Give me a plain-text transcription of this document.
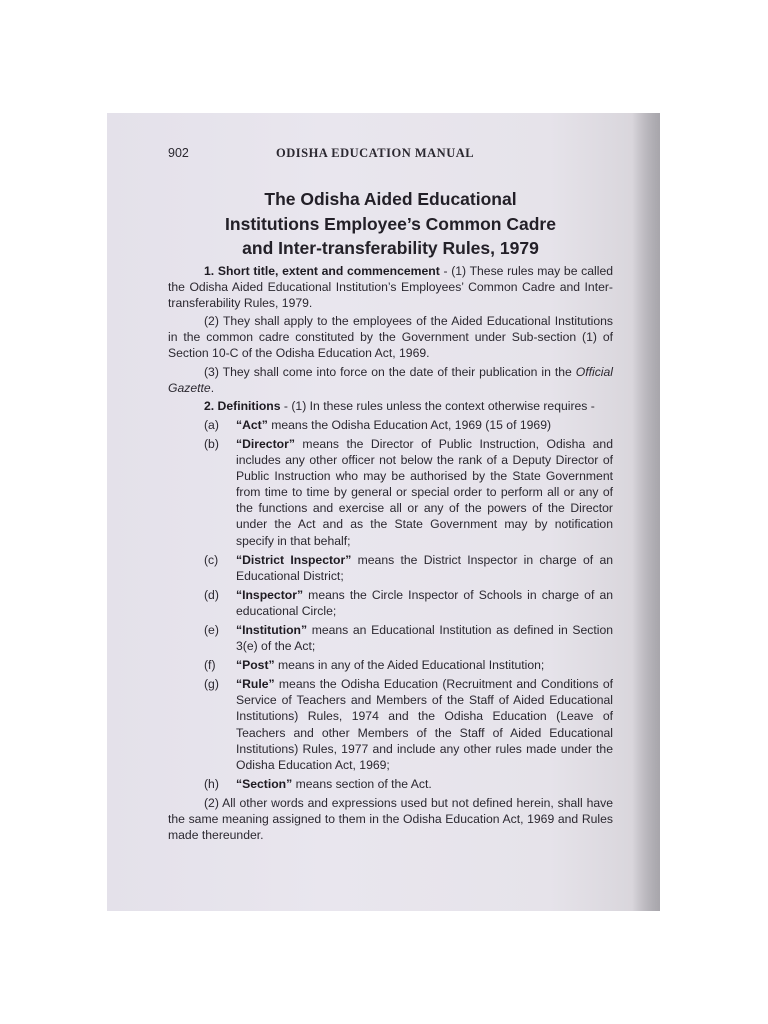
902	ODISHA EDUCATION MANUAL
The Odisha Aided Educational
Institutions Employee’s Common Cadre
and Inter-transferability Rules, 1979

1. Short title, extent and commencement - (1) These rules may be called the Odisha Aided Educational Institution’s Employees’ Common Cadre and Inter-transferability Rules, 1979.

(2) They shall apply to the employees of the Aided Educational Institutions in the common cadre constituted by the Government under Sub-section (1) of Section 10-C of the Odisha Education Act, 1969.

(3) They shall come into force on the date of their publication in the Official Gazette.

2. Definitions - (1) In these rules unless the context otherwise requires -

(a) “Act” means the Odisha Education Act, 1969 (15 of 1969)
(b) “Director” means the Director of Public Instruction, Odisha and includes any other officer not below the rank of a Deputy Director of Public Instruction who may be authorised by the State Government from time to time by general or special order to perform all or any of the functions and exercise all or any of the powers of the Director under the Act and as the State Government may by notification specify in that behalf;
(c) “District Inspector” means the District Inspector in charge of an Educational District;
(d) “Inspector” means the Circle Inspector of Schools in charge of an educational Circle;
(e) “Institution” means an Educational Institution as defined in Section 3(e) of the Act;
(f) “Post” means in any of the Aided Educational Institution;
(g) “Rule” means the Odisha Education (Recruitment and Conditions of Service of Teachers and Members of the Staff of Aided Educational Institutions) Rules, 1974 and the Odisha Education (Leave of Teachers and other Members of the Staff of Aided Educational Institutions) Rules, 1977 and include any other rules made under the Odisha Education Act, 1969;
(h) “Section” means section of the Act.

(2) All other words and expressions used but not defined herein, shall have the same meaning assigned to them in the Odisha Education Act, 1969 and Rules made thereunder.
